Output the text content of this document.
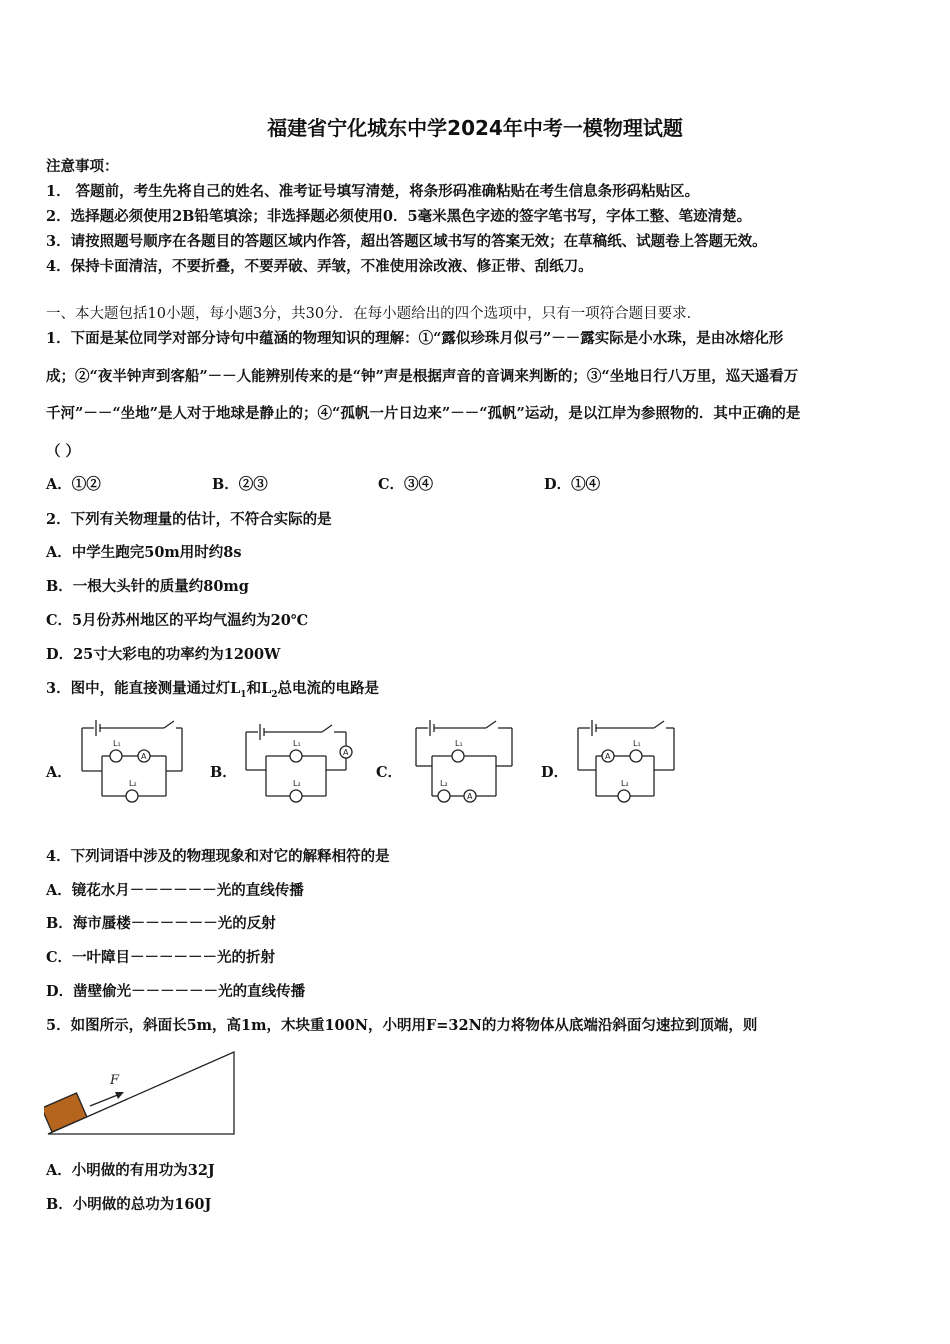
福建省宁化城东中学2024年中考一模物理试题
注意事项：
1． 答题前，考生先将自己的姓名、准考证号填写清楚，将条形码准确粘贴在考生信息条形码粘贴区。
2．选择题必须使用2B铅笔填涂；非选择题必须使用0．5毫米黑色字迹的签字笔书写，字体工整、笔迹清楚。
3．请按照题号顺序在各题目的答题区域内作答，超出答题区域书写的答案无效；在草稿纸、试题卷上答题无效。
4．保持卡面清洁，不要折叠，不要弄破、弄皱，不准使用涂改液、修正带、刮纸刀。
一、本大题包括10小题，每小题3分，共30分．在每小题给出的四个选项中，只有一项符合题目要求．
1．下面是某位同学对部分诗句中蕴涵的物理知识的理解：①“露似珍珠月似弓”－－露实际是小水珠，是由冰熔化形
成；②“夜半钟声到客船”－－人能辨别传来的是“钟”声是根据声音的音调来判断的；③“坐地日行八万里，巡天遥看万
千河”－－“坐地”是人对于地球是静止的；④“孤帆一片日边来”－－“孤帆”运动，是以江岸为参照物的．其中正确的是
（ ）
A．①②	B．②③	C．③④	D．①④
2．下列有关物理量的估计，不符合实际的是
A．中学生跑完50m用时约8s
B．一根大头针的质量约80mg
C．5月份苏州地区的平均气温约为20℃
D．25寸大彩电的功率约为1200W
3．图中，能直接测量通过灯$L_1$和$L_2$总电流的电路是
A．	B．	C．	D．
L₁
A
L₂
A
L₁
L₂
L₁
L₂
A
A
L₁
L₂
4．下列词语中涉及的物理现象和对它的解释相符的是
A．镜花水月－－－－－－光的直线传播
B．海市蜃楼－－－－－－光的反射
C．一叶障目－－－－－－光的折射
D．凿壁偷光－－－－－－光的直线传播
5．如图所示，斜面长5m，高1m，木块重100N，小明用F=32N的力将物体从底端沿斜面匀速拉到顶端，则
F
A．小明做的有用功为32J
B．小明做的总功为160J
